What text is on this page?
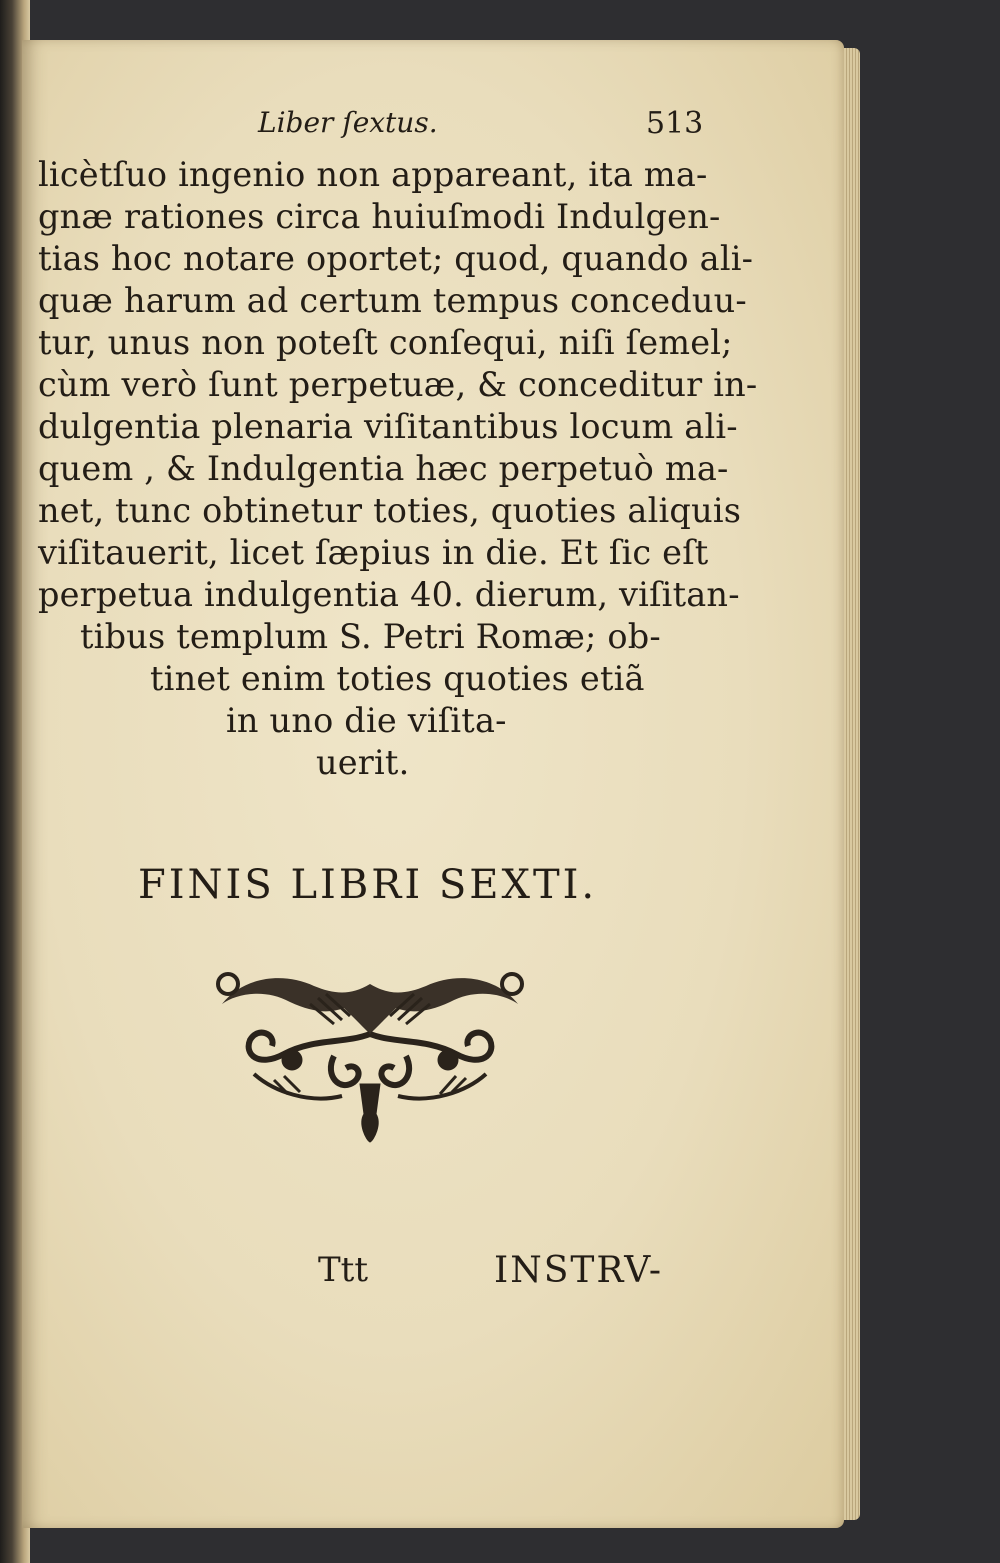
Liber ſextus.	513
licètſuo ingenio non appareant, ita ma-
gnæ rationes circa huiuſmodi Indulgen-
tias hoc notare oportet; quod, quando ali-
quæ harum ad certum tempus conceduu-
tur, unus non poteſt conſequi, niſi ſemel;
cùm verò ſunt perpetuæ, & conceditur in-
dulgentia plenaria viſitantibus locum ali-
quem , & Indulgentia hæc perpetuò ma-
net, tunc obtinetur toties, quoties aliquis
viſitauerit, licet ſæpius in die. Et ſic eſt
perpetua indulgentia 40. dierum, viſitan-
tibus templum S. Petri Romæ; ob-
tinet enim toties quoties etiã
in uno die viſita-
uerit.
FINIS LIBRI SEXTI.
Ttt	INSTRV-
